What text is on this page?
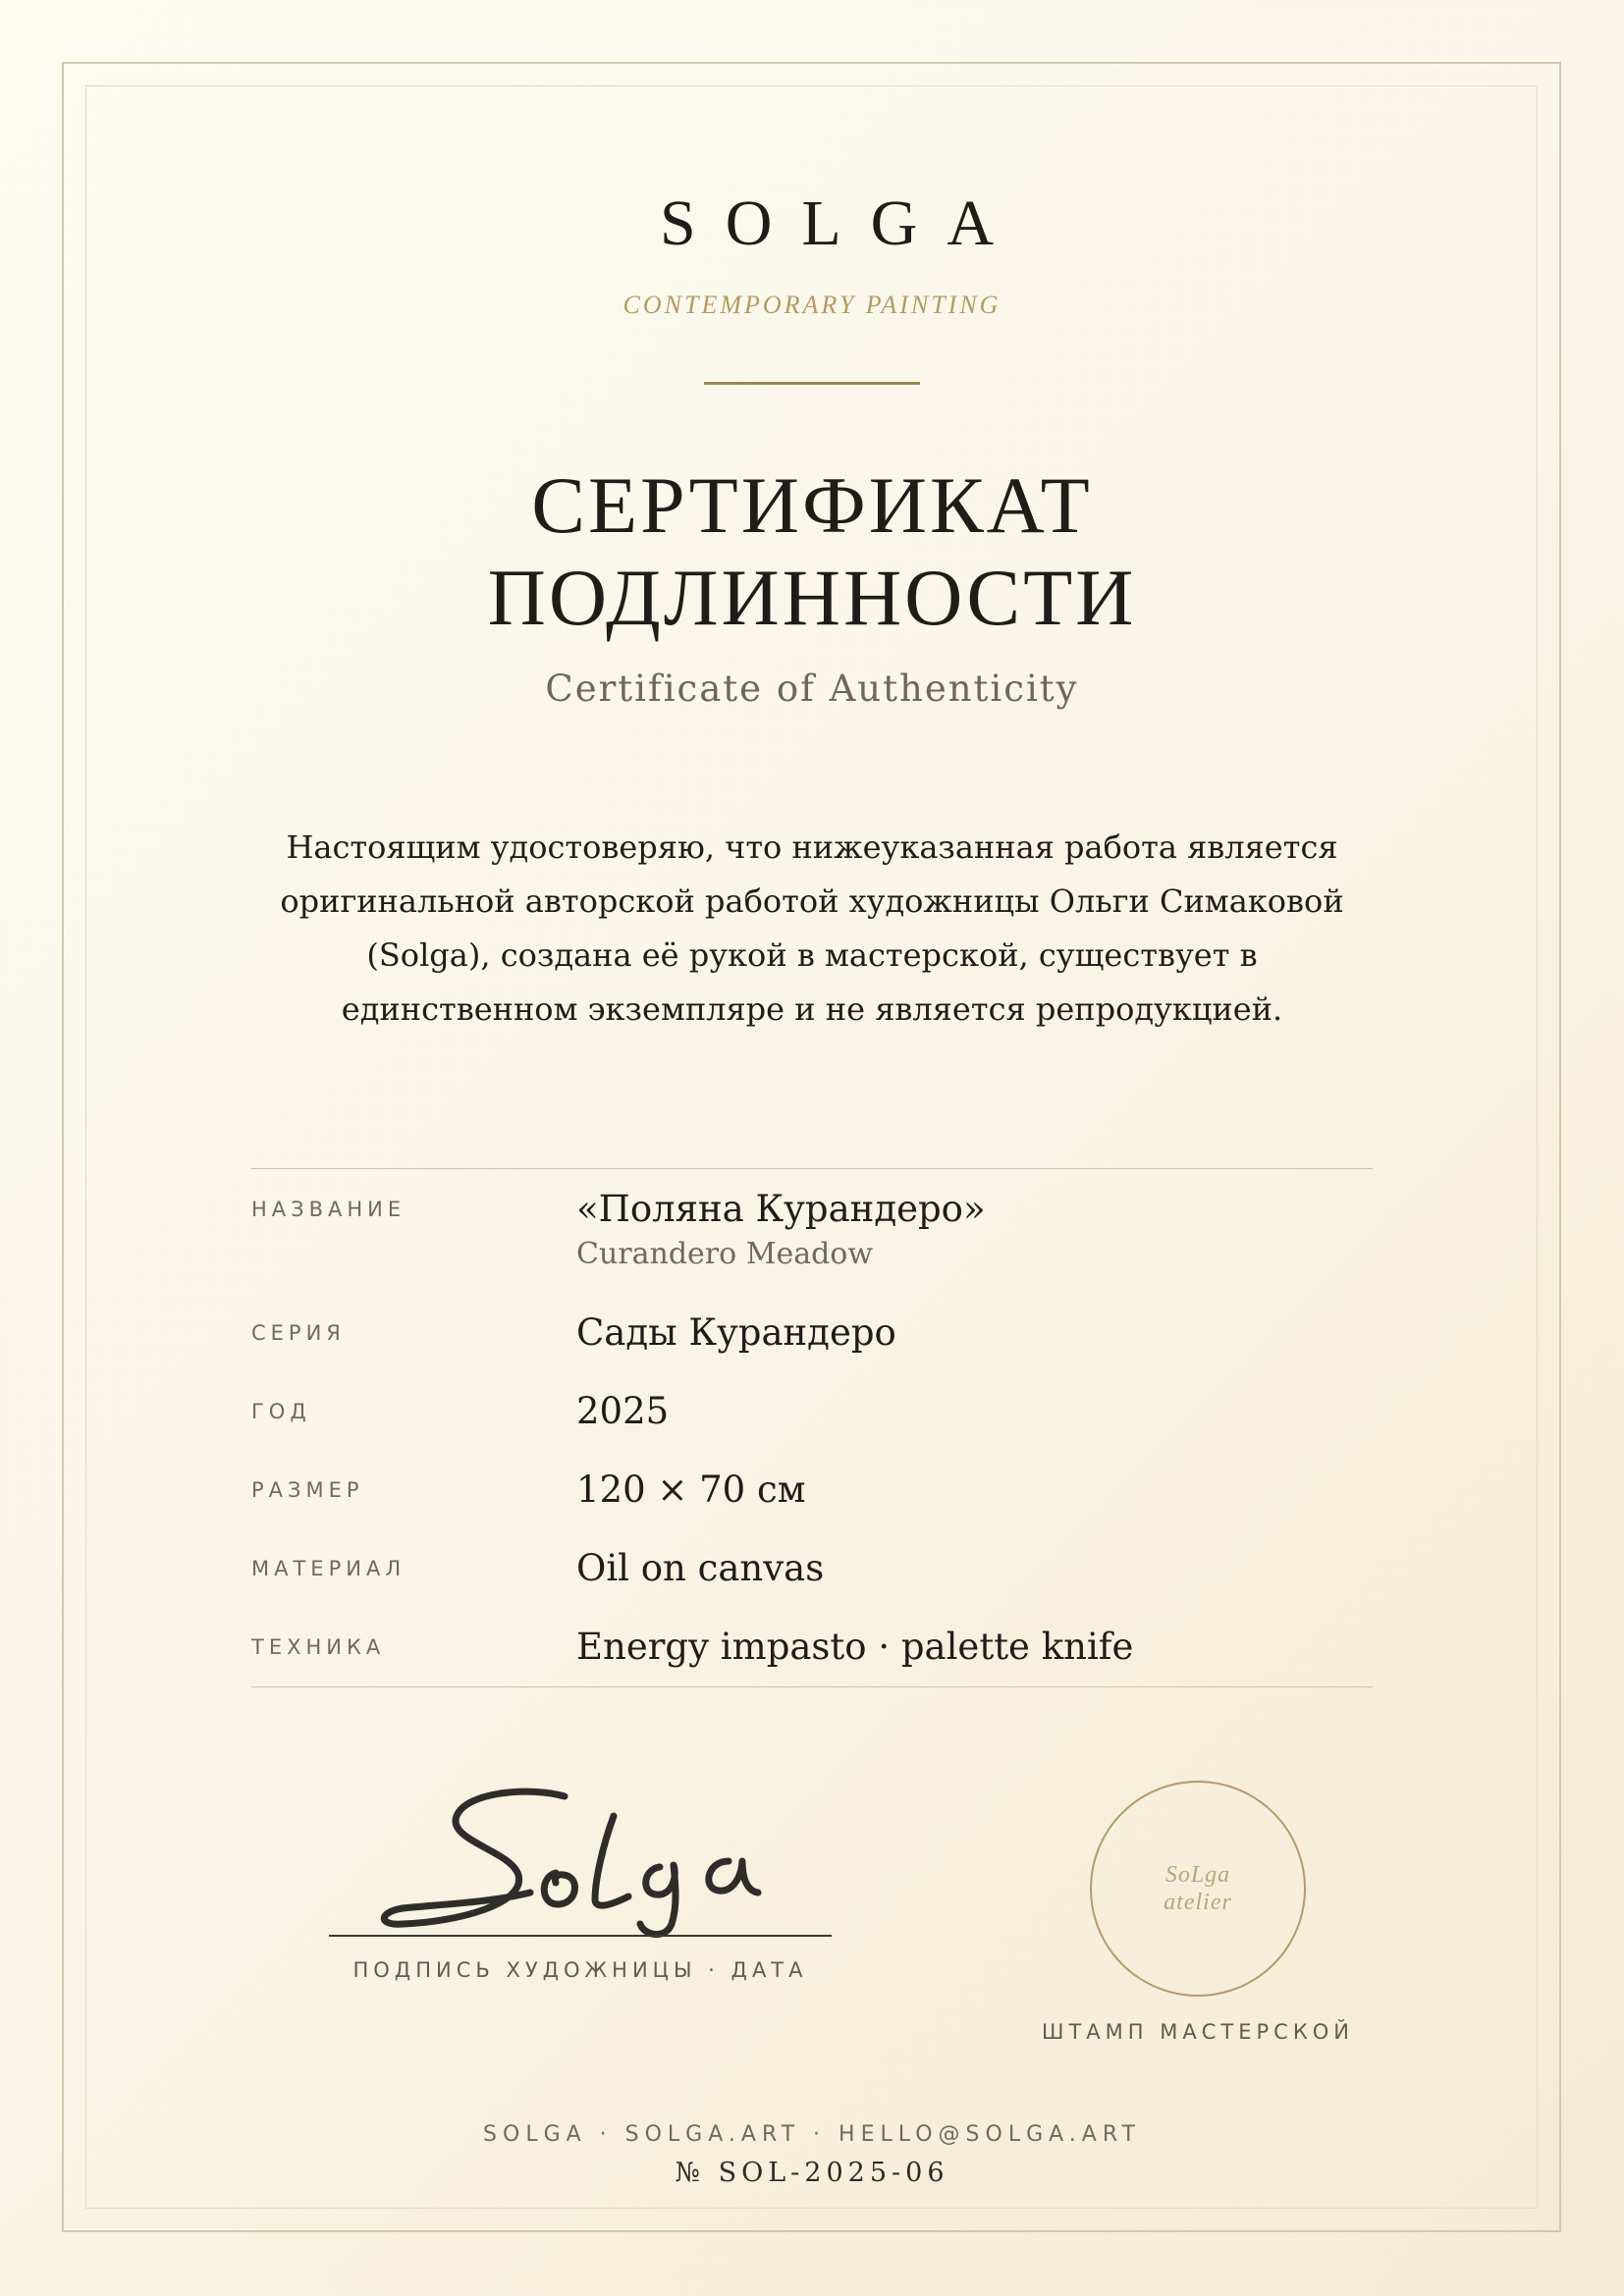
SOLGA
CONTEMPORARY PAINTING
СЕРТИФИКАТ
ПОДЛИННОСТИ
Certificate of Authenticity
Настоящим удостоверяю, что нижеуказанная работа является оригинальной авторской работой художницы Ольги Симаковой (Solga), создана её рукой в мастерской, существует в единственном экземпляре и не является репродукцией.
НАЗВАНИЕ	«Поляна Курандеро»
Curandero Meadow
СЕРИЯ	Сады Курандеро
ГОД	2025
РАЗМЕР	120 × 70 см
МАТЕРИАЛ	Oil on canvas
ТЕХНИКА	Energy impasto · palette knife
ПОДПИСЬ ХУДОЖНИЦЫ · ДАТА
SoLga
atelier
ШТАМП МАСТЕРСКОЙ
SOLGA · SOLGA.ART · HELLO@SOLGA.ART
№ SOL-2025-06
